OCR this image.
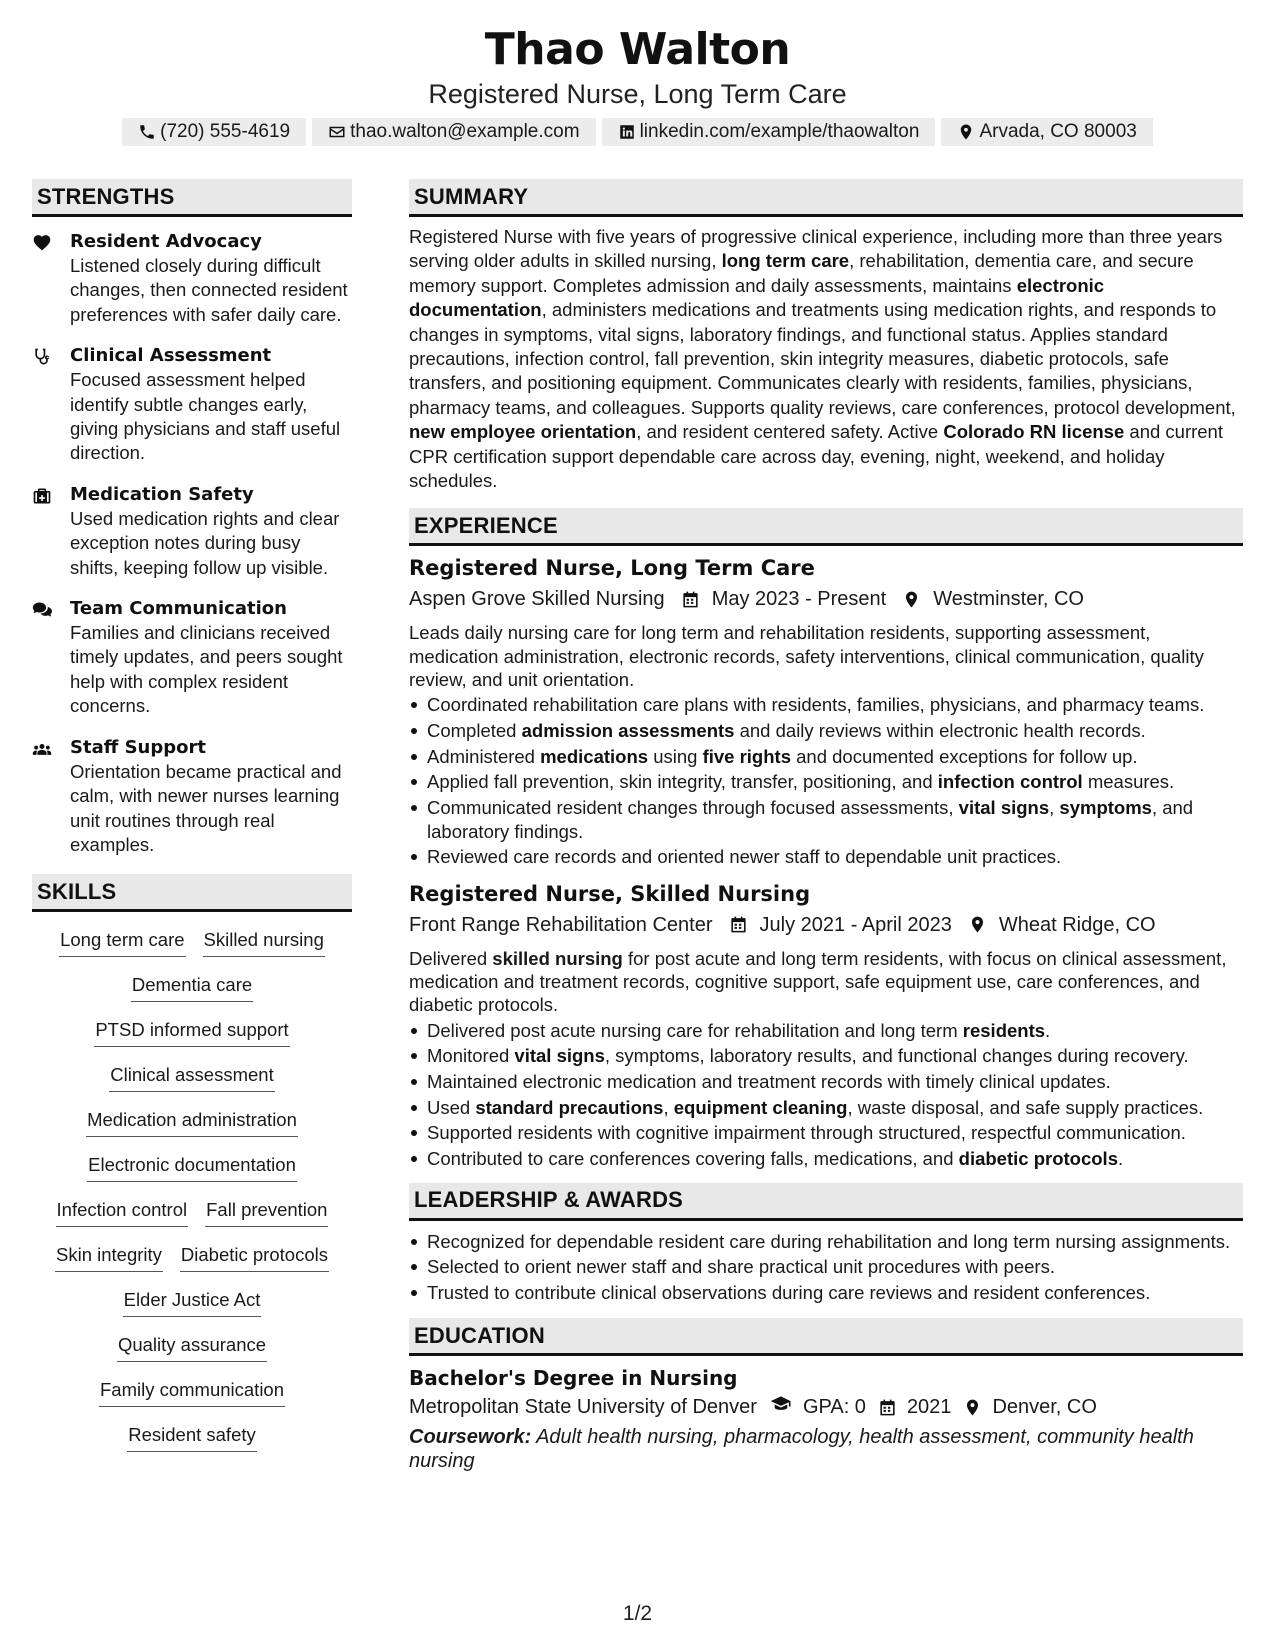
Thao Walton
Registered Nurse, Long Term Care
(720) 555-4619	thao.walton@example.com	linkedin.com/example/thaowalton	Arvada, CO 80003
STRENGTHS
Resident Advocacy
Listened closely during difficult changes, then connected resident preferences with safer daily care.
Clinical Assessment
Focused assessment helped identify subtle changes early, giving physicians and staff useful direction.
Medication Safety
Used medication rights and clear exception notes during busy shifts, keeping follow up visible.
Team Communication
Families and clinicians received timely updates, and peers sought help with complex resident concerns.
Staff Support
Orientation became practical and calm, with newer nurses learning unit routines through real examples.
SKILLS
Long term care Skilled nursing
Dementia care
PTSD informed support
Clinical assessment
Medication administration
Electronic documentation
Infection control Fall prevention
Skin integrity Diabetic protocols
Elder Justice Act
Quality assurance
Family communication
Resident safety
SUMMARY
Registered Nurse with five years of progressive clinical experience, including more than three years serving older adults in skilled nursing, long term care, rehabilitation, dementia care, and secure memory support. Completes admission and daily assessments, maintains electronic documentation, administers medications and treatments using medication rights, and responds to changes in symptoms, vital signs, laboratory findings, and functional status. Applies standard precautions, infection control, fall prevention, skin integrity measures, diabetic protocols, safe transfers, and positioning equipment. Communicates clearly with residents, families, physicians, pharmacy teams, and colleagues. Supports quality reviews, care conferences, protocol development, new employee orientation, and resident centered safety. Active Colorado RN license and current CPR certification support dependable care across day, evening, night, weekend, and holiday schedules.
EXPERIENCE
Registered Nurse, Long Term Care
Aspen Grove Skilled Nursing May 2023 - Present Westminster, CO
Leads daily nursing care for long term and rehabilitation residents, supporting assessment, medication administration, electronic records, safety interventions, clinical communication, quality review, and unit orientation.
Coordinated rehabilitation care plans with residents, families, physicians, and pharmacy teams.
Completed admission assessments and daily reviews within electronic health records.
Administered medications using five rights and documented exceptions for follow up.
Applied fall prevention, skin integrity, transfer, positioning, and infection control measures.
Communicated resident changes through focused assessments, vital signs, symptoms, and laboratory findings.
Reviewed care records and oriented newer staff to dependable unit practices.
Registered Nurse, Skilled Nursing
Front Range Rehabilitation Center July 2021 - April 2023 Wheat Ridge, CO
Delivered skilled nursing for post acute and long term residents, with focus on clinical assessment, medication and treatment records, cognitive support, safe equipment use, care conferences, and diabetic protocols.
Delivered post acute nursing care for rehabilitation and long term residents.
Monitored vital signs, symptoms, laboratory results, and functional changes during recovery.
Maintained electronic medication and treatment records with timely clinical updates.
Used standard precautions, equipment cleaning, waste disposal, and safe supply practices.
Supported residents with cognitive impairment through structured, respectful communication.
Contributed to care conferences covering falls, medications, and diabetic protocols.
LEADERSHIP & AWARDS
Recognized for dependable resident care during rehabilitation and long term nursing assignments.
Selected to orient newer staff and share practical unit procedures with peers.
Trusted to contribute clinical observations during care reviews and resident conferences.
EDUCATION
Bachelor's Degree in Nursing
Metropolitan State University of Denver GPA: 0 2021 Denver, CO
Coursework: Adult health nursing, pharmacology, health assessment, community health nursing
1/2
